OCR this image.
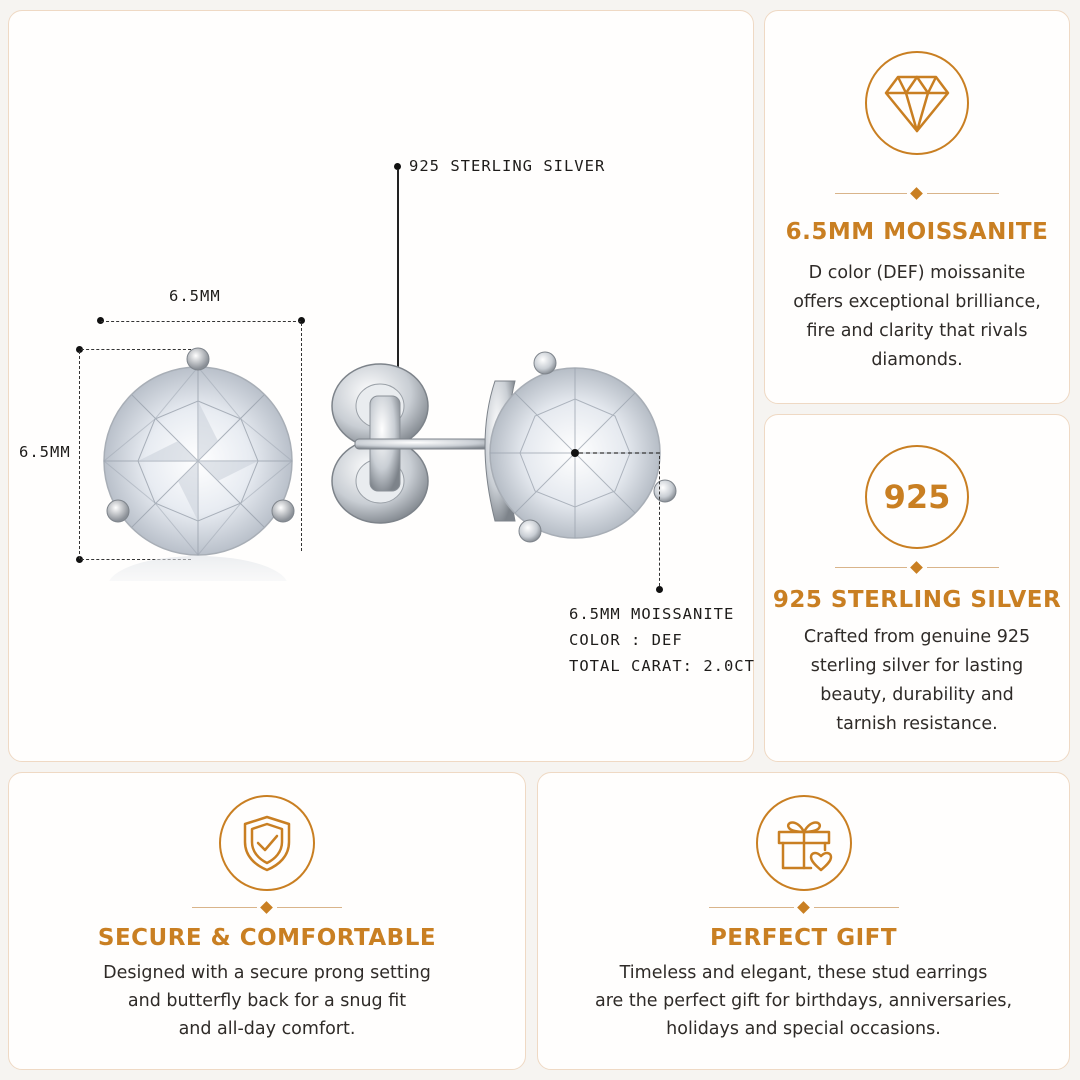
925 STERLING SILVER
6.5MM
6.5MM
6.5MM MOISSANITE
COLOR : DEF
TOTAL CARAT: 2.0CT
6.5MM MOISSANITE
D color (DEF) moissanite
offers exceptional brilliance,
fire and clarity that rivals
diamonds.
925
925 STERLING SILVER
Crafted from genuine 925
sterling silver for lasting
beauty, durability and
tarnish resistance.
SECURE & COMFORTABLE
Designed with a secure prong setting
and butterfly back for a snug fit
and all-day comfort.
PERFECT GIFT
Timeless and elegant, these stud earrings
are the perfect gift for birthdays, anniversaries,
holidays and special occasions.
